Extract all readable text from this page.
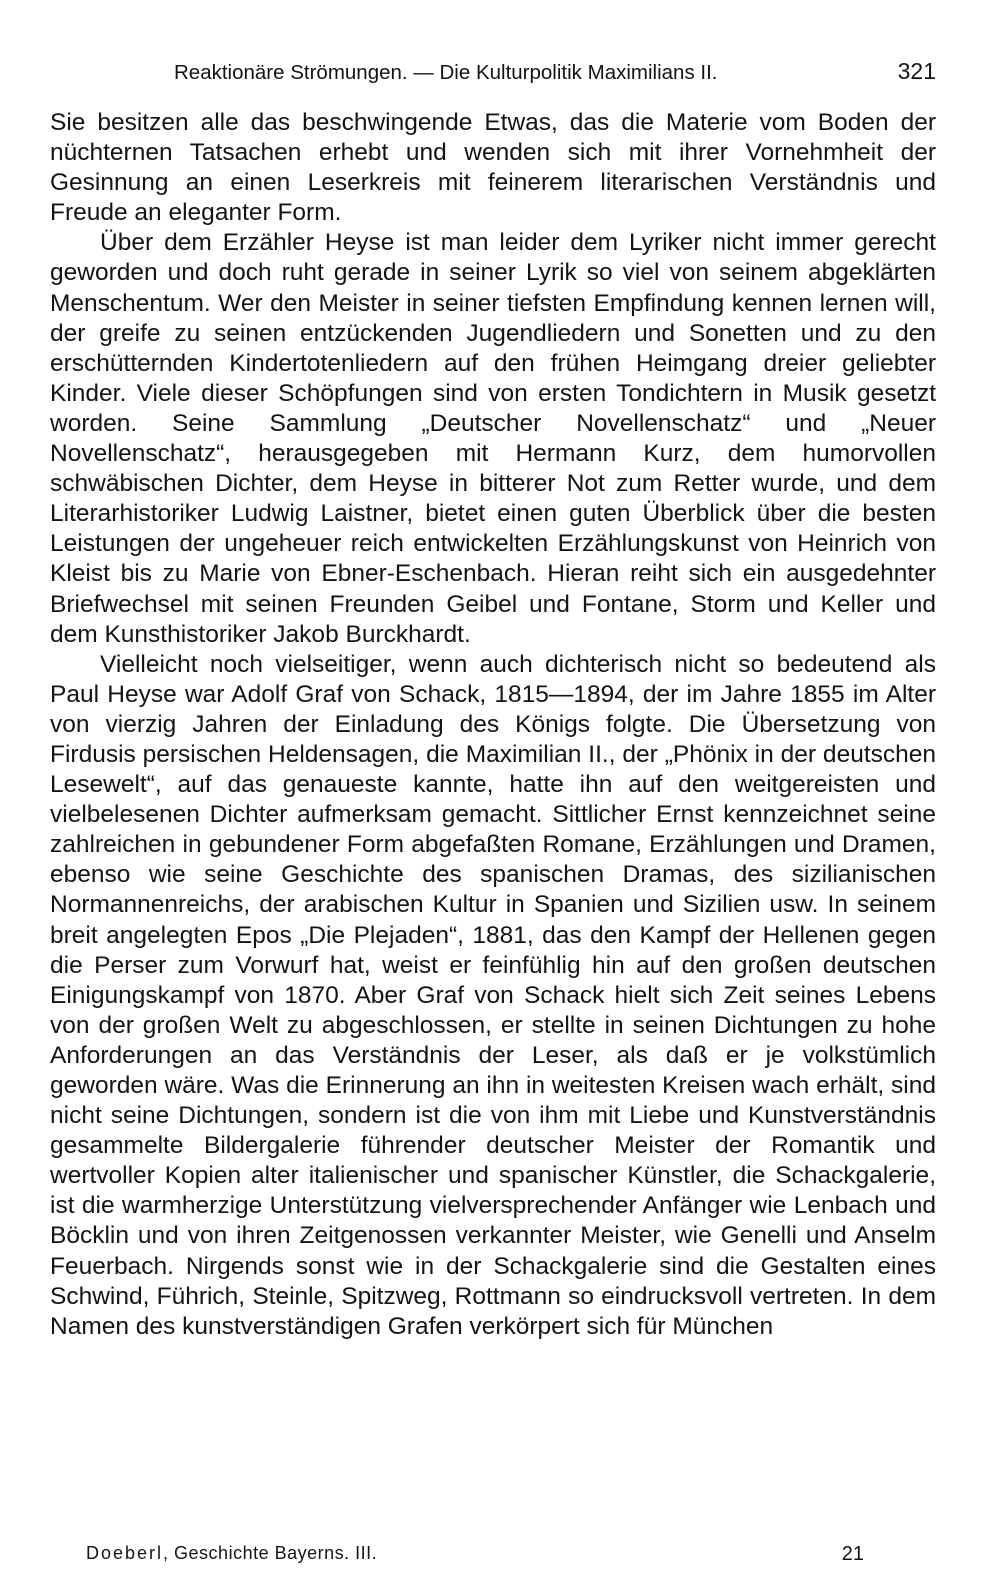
Reaktionäre Strömungen. — Die Kulturpolitik Maximilians II.	321

Sie besitzen alle das beschwingende Etwas, das die Materie vom Boden der nüchternen Tatsachen erhebt und wenden sich mit ihrer Vornehmheit der Gesinnung an einen Leserkreis mit feinerem literarischen Verständnis und Freude an eleganter Form.

Über dem Erzähler Heyse ist man leider dem Lyriker nicht immer gerecht geworden und doch ruht gerade in seiner Lyrik so viel von seinem abgeklärten Menschentum. Wer den Meister in seiner tiefsten Empfindung kennen lernen will, der greife zu seinen entzückenden Jugendliedern und Sonetten und zu den erschütternden Kindertotenliedern auf den frühen Heimgang dreier geliebter Kinder. Viele dieser Schöpfungen sind von ersten Tondichtern in Musik gesetzt worden. Seine Sammlung „Deutscher Novellenschatz“ und „Neuer Novellenschatz“, herausgegeben mit Hermann Kurz, dem humorvollen schwäbischen Dichter, dem Heyse in bitterer Not zum Retter wurde, und dem Literarhistoriker Ludwig Laistner, bietet einen guten Überblick über die besten Leistungen der ungeheuer reich entwickelten Erzählungskunst von Heinrich von Kleist bis zu Marie von Ebner-Eschenbach. Hieran reiht sich ein ausgedehnter Briefwechsel mit seinen Freunden Geibel und Fontane, Storm und Keller und dem Kunsthistoriker Jakob Burckhardt.

Vielleicht noch vielseitiger, wenn auch dichterisch nicht so bedeutend als Paul Heyse war Adolf Graf von Schack, 1815—1894, der im Jahre 1855 im Alter von vierzig Jahren der Einladung des Königs folgte. Die Übersetzung von Firdusis persischen Heldensagen, die Maximilian II., der „Phönix in der deutschen Lesewelt“, auf das genaueste kannte, hatte ihn auf den weitgereisten und vielbelesenen Dichter aufmerksam gemacht. Sittlicher Ernst kennzeichnet seine zahlreichen in gebundener Form abgefaßten Romane, Erzählungen und Dramen, ebenso wie seine Geschichte des spanischen Dramas, des sizilianischen Normannenreichs, der arabischen Kultur in Spanien und Sizilien usw. In seinem breit angelegten Epos „Die Plejaden“, 1881, das den Kampf der Hellenen gegen die Perser zum Vorwurf hat, weist er feinfühlig hin auf den großen deutschen Einigungskampf von 1870. Aber Graf von Schack hielt sich Zeit seines Lebens von der großen Welt zu abgeschlossen, er stellte in seinen Dichtungen zu hohe Anforderungen an das Verständnis der Leser, als daß er je volkstümlich geworden wäre. Was die Erinnerung an ihn in weitesten Kreisen wach erhält, sind nicht seine Dichtungen, sondern ist die von ihm mit Liebe und Kunstverständnis gesammelte Bildergalerie führender deutscher Meister der Romantik und wertvoller Kopien alter italienischer und spanischer Künstler, die Schackgalerie, ist die warmherzige Unterstützung vielversprechender Anfänger wie Lenbach und Böcklin und von ihren Zeitgenossen verkannter Meister, wie Genelli und Anselm Feuerbach. Nirgends sonst wie in der Schackgalerie sind die Gestalten eines Schwind, Führich, Steinle, Spitzweg, Rottmann so eindrucksvoll vertreten. In dem Namen des kunstverständigen Grafen verkörpert sich für München

Doeberl, Geschichte Bayerns. III.	21
